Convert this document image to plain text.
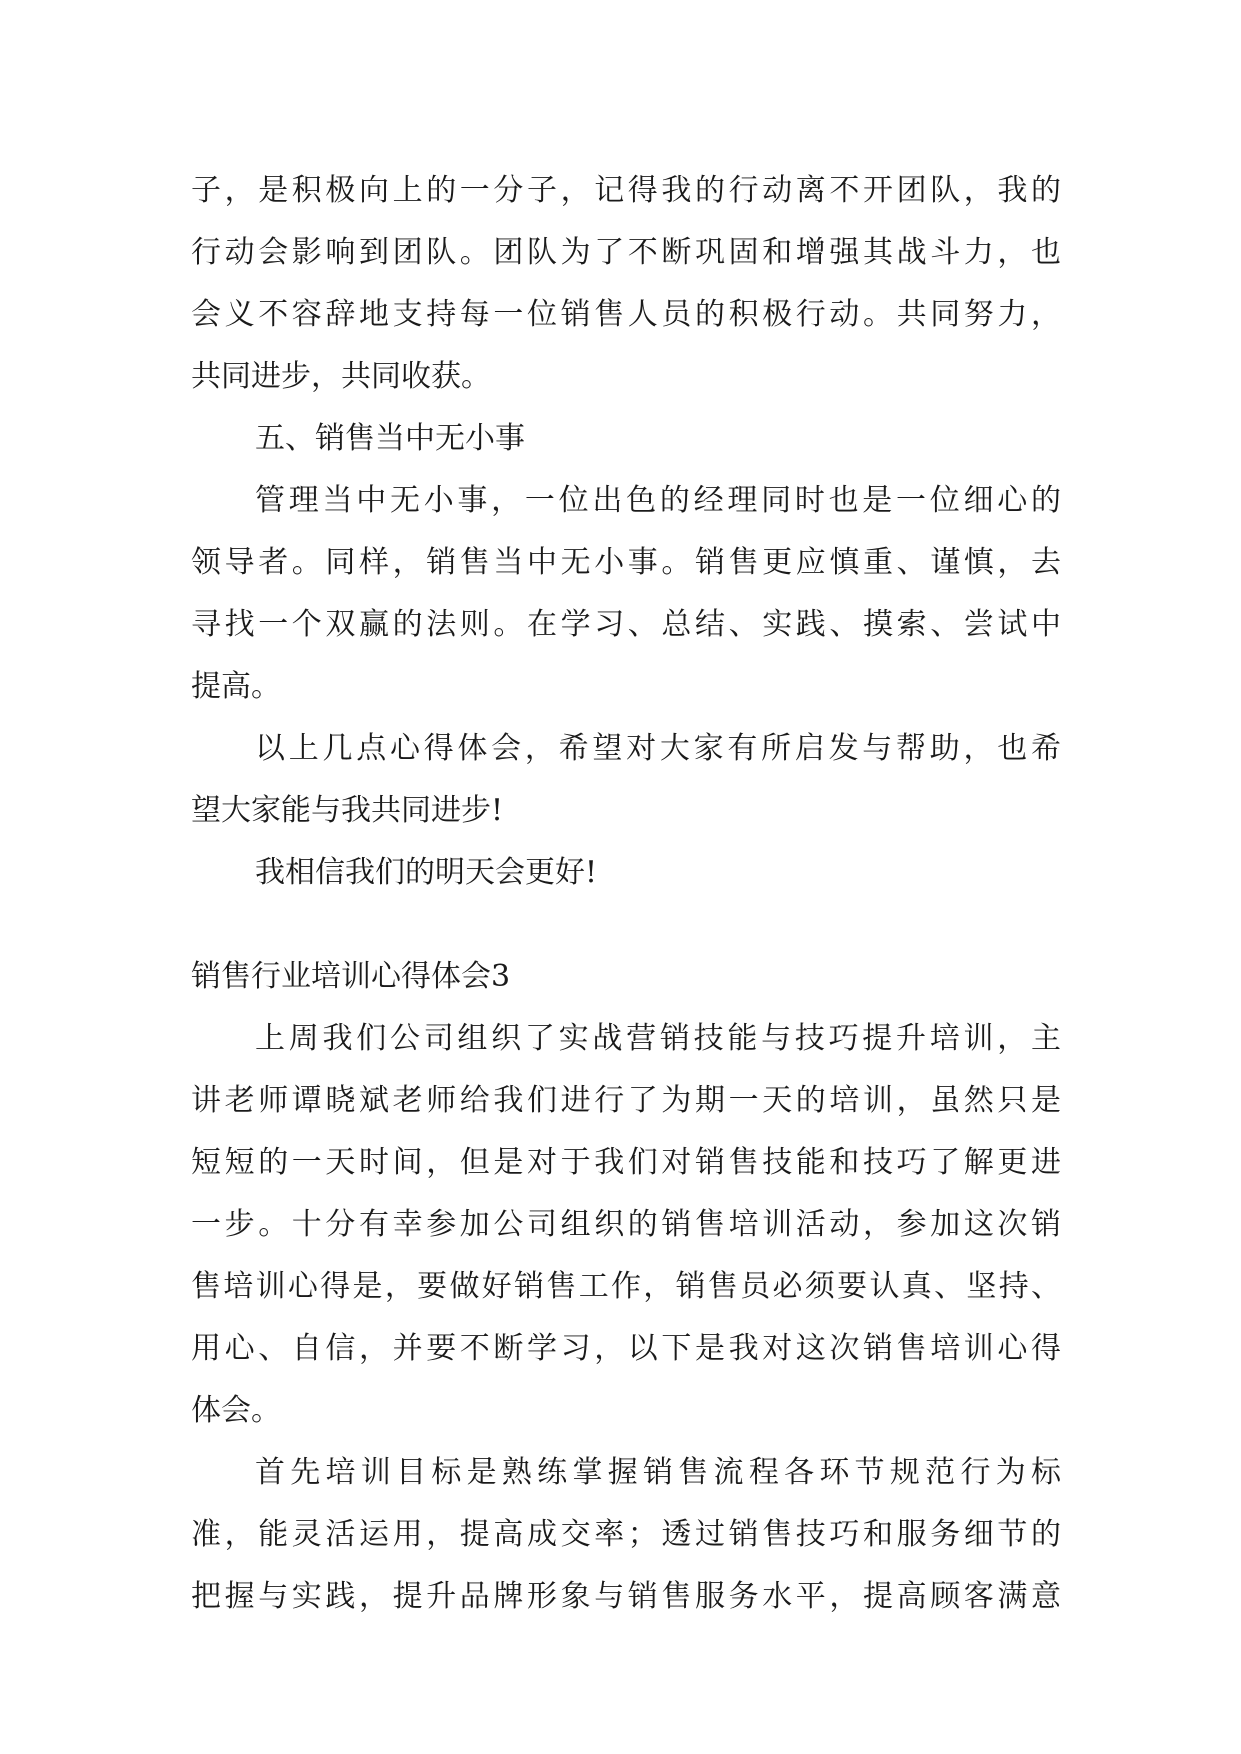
子，是积极向上的一分子，记得我的行动离不开团队，我的
行动会影响到团队。团队为了不断巩固和增强其战斗力，也
会义不容辞地支持每一位销售人员的积极行动。共同努力，
共同进步，共同收获。
五、销售当中无小事
管理当中无小事，一位出色的经理同时也是一位细心的
领导者。同样，销售当中无小事。销售更应慎重、谨慎，去
寻找一个双赢的法则。在学习、总结、实践、摸索、尝试中
提高。
以上几点心得体会，希望对大家有所启发与帮助，也希
望大家能与我共同进步!
我相信我们的明天会更好!
销售行业培训心得体会3
上周我们公司组织了实战营销技能与技巧提升培训，主
讲老师谭晓斌老师给我们进行了为期一天的培训，虽然只是
短短的一天时间，但是对于我们对销售技能和技巧了解更进
一步。十分有幸参加公司组织的销售培训活动，参加这次销
售培训心得是，要做好销售工作，销售员必须要认真、坚持、
用心、自信，并要不断学习，以下是我对这次销售培训心得
体会。
首先培训目标是熟练掌握销售流程各环节规范行为标
准，能灵活运用，提高成交率；透过销售技巧和服务细节的
把握与实践，提升品牌形象与销售服务水平，提高顾客满意
